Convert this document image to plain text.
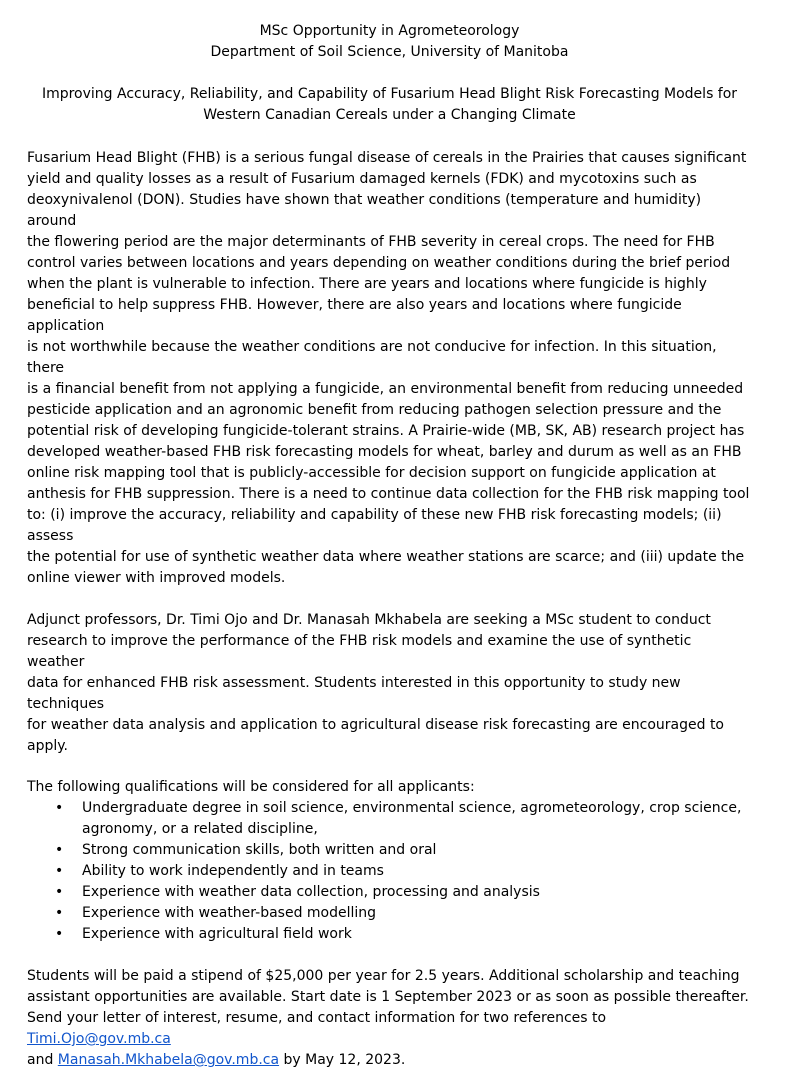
MSc Opportunity in Agrometeorology
Department of Soil Science, University of Manitoba
Improving Accuracy, Reliability, and Capability of Fusarium Head Blight Risk Forecasting Models for
Western Canadian Cereals under a Changing Climate
Fusarium Head Blight (FHB) is a serious fungal disease of cereals in the Prairies that causes significant
yield and quality losses as a result of Fusarium damaged kernels (FDK) and mycotoxins such as
deoxynivalenol (DON). Studies have shown that weather conditions (temperature and humidity) around
the flowering period are the major determinants of FHB severity in cereal crops. The need for FHB
control varies between locations and years depending on weather conditions during the brief period
when the plant is vulnerable to infection. There are years and locations where fungicide is highly
beneficial to help suppress FHB. However, there are also years and locations where fungicide application
is not worthwhile because the weather conditions are not conducive for infection. In this situation, there
is a financial benefit from not applying a fungicide, an environmental benefit from reducing unneeded
pesticide application and an agronomic benefit from reducing pathogen selection pressure and the
potential risk of developing fungicide-tolerant strains. A Prairie-wide (MB, SK, AB) research project has
developed weather-based FHB risk forecasting models for wheat, barley and durum as well as an FHB
online risk mapping tool that is publicly-accessible for decision support on fungicide application at
anthesis for FHB suppression. There is a need to continue data collection for the FHB risk mapping tool
to: (i) improve the accuracy, reliability and capability of these new FHB risk forecasting models; (ii) assess
the potential for use of synthetic weather data where weather stations are scarce; and (iii) update the
online viewer with improved models.
Adjunct professors, Dr. Timi Ojo and Dr. Manasah Mkhabela are seeking a MSc student to conduct
research to improve the performance of the FHB risk models and examine the use of synthetic weather
data for enhanced FHB risk assessment. Students interested in this opportunity to study new techniques
for weather data analysis and application to agricultural disease risk forecasting are encouraged to apply.
The following qualifications will be considered for all applicants:
• Undergraduate degree in soil science, environmental science, agrometeorology, crop science,
agronomy, or a related discipline,
• Strong communication skills, both written and oral
• Ability to work independently and in teams
• Experience with weather data collection, processing and analysis
• Experience with weather-based modelling
• Experience with agricultural field work
Students will be paid a stipend of $25,000 per year for 2.5 years. Additional scholarship and teaching
assistant opportunities are available. Start date is 1 September 2023 or as soon as possible thereafter.
Send your letter of interest, resume, and contact information for two references to Timi.Ojo@gov.mb.ca
and Manasah.Mkhabela@gov.mb.ca by May 12, 2023.
